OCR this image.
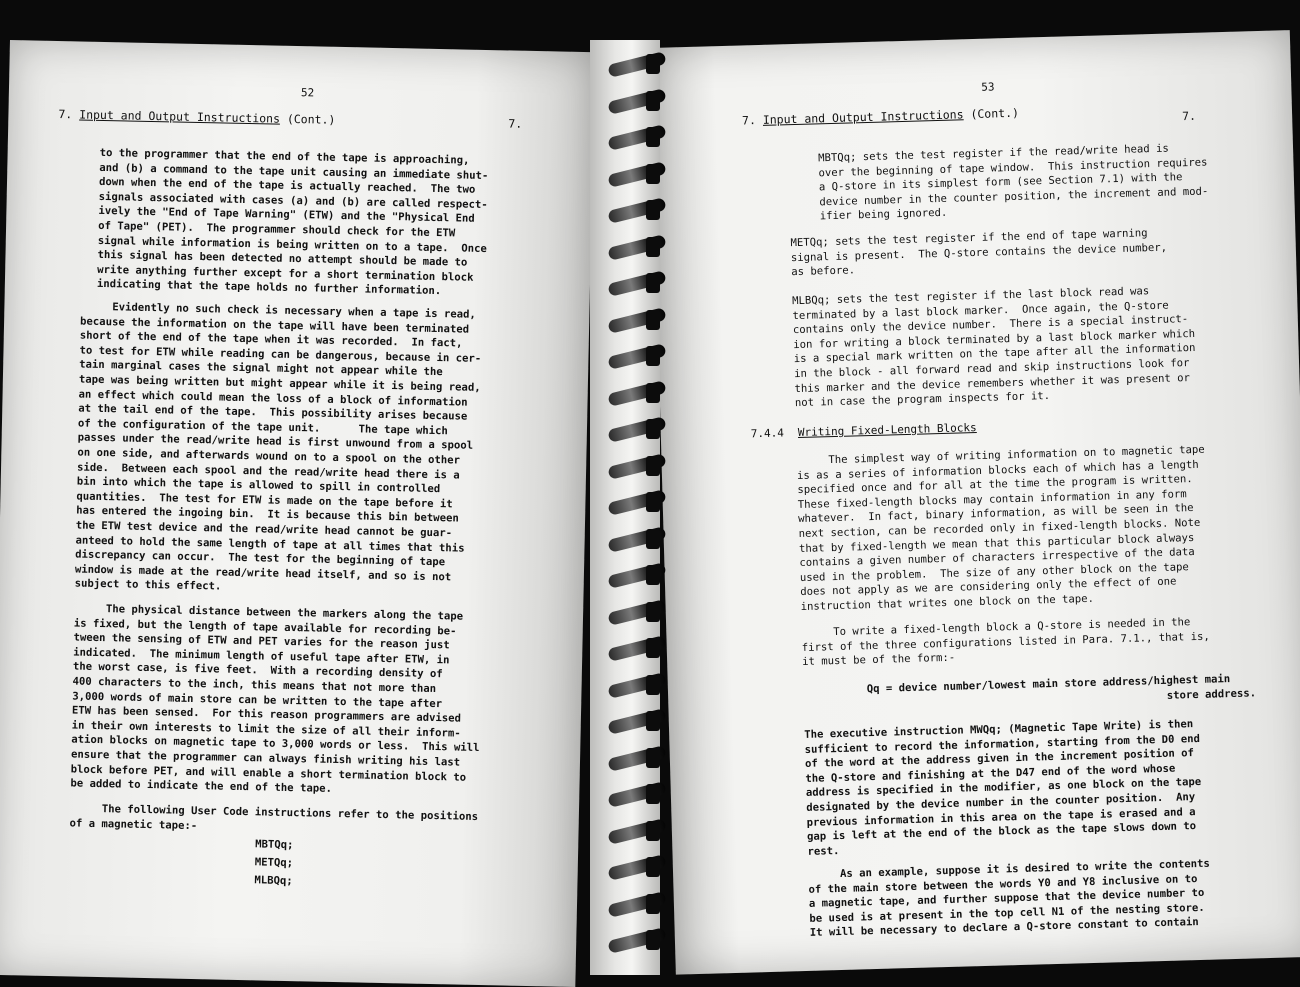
52
7. Input and Output Instructions (Cont.)	7.
to the programmer that the end of the tape is approaching,
and (b) a command to the tape unit causing an immediate shut-
down when the end of the tape is actually reached.  The two
signals associated with cases (a) and (b) are called respect-
ively the "End of Tape Warning" (ETW) and the "Physical End
of Tape" (PET).  The programmer should check for the ETW
signal while information is being written on to a tape.  Once
this signal has been detected no attempt should be made to
write anything further except for a short termination block
indicating that the tape holds no further information.
Evidently no such check is necessary when a tape is read,
because the information on the tape will have been terminated
short of the end of the tape when it was recorded.  In fact,
to test for ETW while reading can be dangerous, because in cer-
tain marginal cases the signal might not appear while the
tape was being written but might appear while it is being read,
an effect which could mean the loss of a block of information
at the tail end of the tape.  This possibility arises because
of the configuration of the tape unit.      The tape which
passes under the read/write head is first unwound from a spool
on one side, and afterwards wound on to a spool on the other
side.  Between each spool and the read/write head there is a
bin into which the tape is allowed to spill in controlled
quantities.  The test for ETW is made on the tape before it
has entered the ingoing bin.  It is because this bin between
the ETW test device and the read/write head cannot be guar-
anteed to hold the same length of tape at all times that this
discrepancy can occur.  The test for the beginning of tape
window is made at the read/write head itself, and so is not
subject to this effect.
The physical distance between the markers along the tape
is fixed, but the length of tape available for recording be-
tween the sensing of ETW and PET varies for the reason just
indicated.  The minimum length of useful tape after ETW, in
the worst case, is five feet.  With a recording density of
400 characters to the inch, this means that not more than
3,000 words of main store can be written to the tape after
ETW has been sensed.  For this reason programmers are advised
in their own interests to limit the size of all their inform-
ation blocks on magnetic tape to 3,000 words or less.  This will
ensure that the programmer can always finish writing his last
block before PET, and will enable a short termination block to
be added to indicate the end of the tape.
The following User Code instructions refer to the positions
of a magnetic tape:-
MBTQq;
METQq;
MLBQq;
53
7. Input and Output Instructions (Cont.)	7.
MBTQq; sets the test register if the read/write head is
over the beginning of tape window.  This instruction requires
a Q-store in its simplest form (see Section 7.1) with the
device number in the counter position, the increment and mod-
ifier being ignored.
METQq; sets the test register if the end of tape warning
signal is present.  The Q-store contains the device number,
as before.
MLBQq; sets the test register if the last block read was
terminated by a last block marker.  Once again, the Q-store
contains only the device number.  There is a special instruct-
ion for writing a block terminated by a last block marker which
is a special mark written on the tape after all the information
in the block - all forward read and skip instructions look for
this marker and the device remembers whether it was present or
not in case the program inspects for it.
7.4.4 Writing Fixed-Length Blocks
The simplest way of writing information on to magnetic tape
is as a series of information blocks each of which has a length
specified once and for all at the time the program is written.
These fixed-length blocks may contain information in any form
whatever.  In fact, binary information, as will be seen in the
next section, can be recorded only in fixed-length blocks. Note
that by fixed-length we mean that this particular block always
contains a given number of characters irrespective of the data
used in the problem.  The size of any other block on the tape
does not apply as we are considering only the effect of one
instruction that writes one block on the tape.
To write a fixed-length block a Q-store is needed in the
first of the three configurations listed in Para. 7.1., that is,
it must be of the form:-
Qq = device number/lowest main store address/highest main
store address.
The executive instruction MWQq; (Magnetic Tape Write) is then
sufficient to record the information, starting from the D0 end
of the word at the address given in the increment position of
the Q-store and finishing at the D47 end of the word whose
address is specified in the modifier, as one block on the tape
designated by the device number in the counter position.  Any
previous information in this area on the tape is erased and a
gap is left at the end of the block as the tape slows down to
rest.
As an example, suppose it is desired to write the contents
of the main store between the words Y0 and Y8 inclusive on to
a magnetic tape, and further suppose that the device number to
be used is at present in the top cell N1 of the nesting store.
It will be necessary to declare a Q-store constant to contain
